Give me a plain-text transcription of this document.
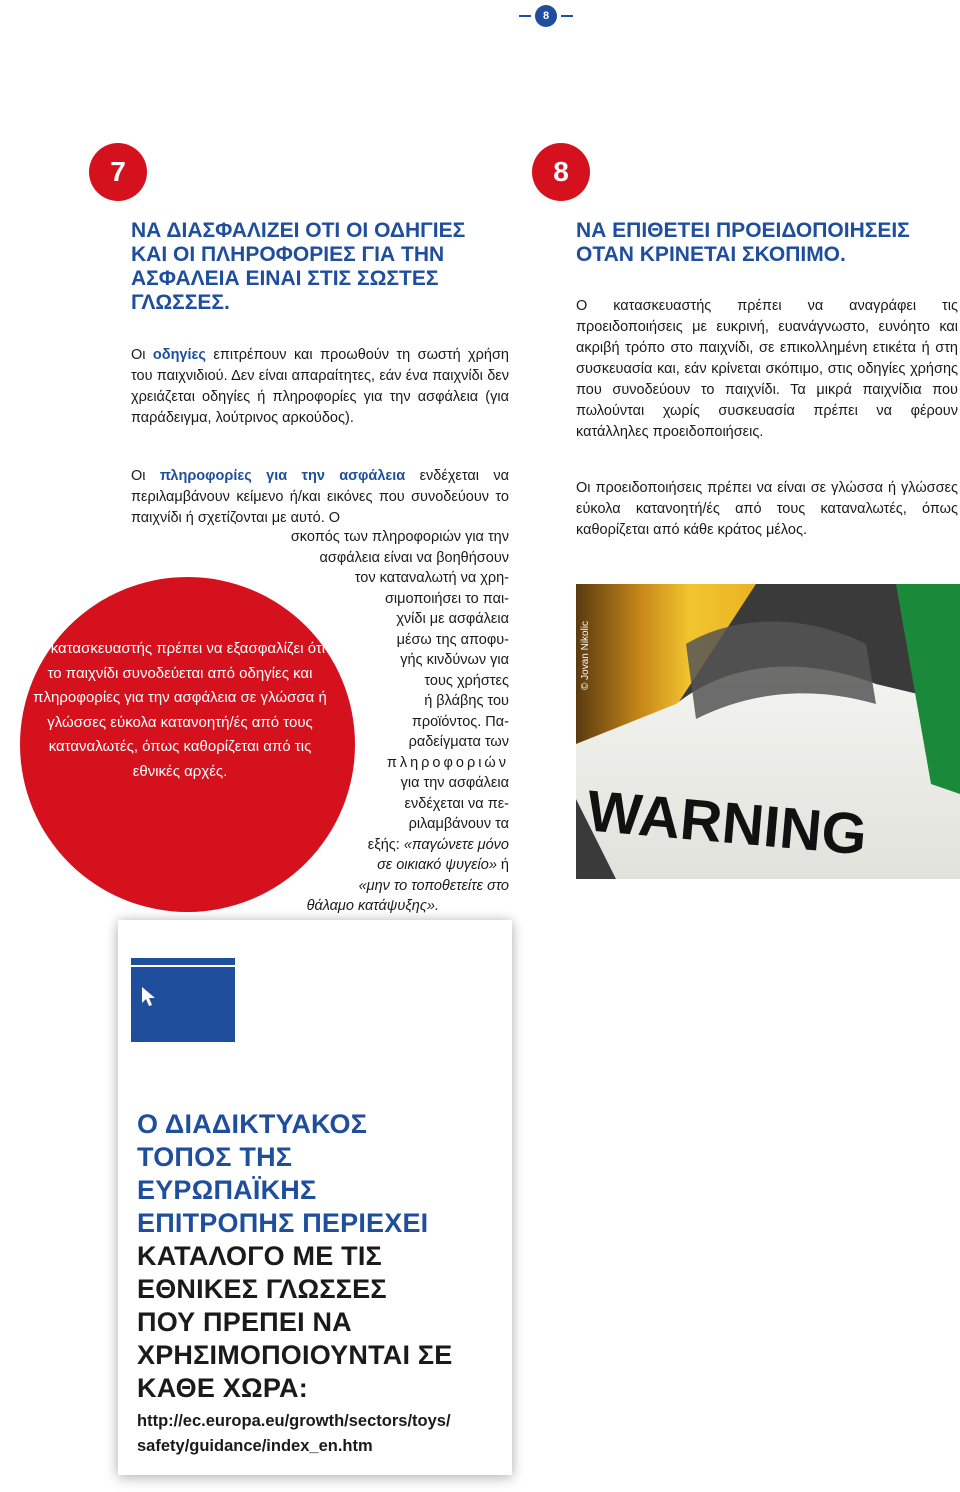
8
7
ΝΑ ΔΙΑΣΦΑΛΙΖΕΙ ΟΤΙ ΟΙ ΟΔΗΓΙΕΣ ΚΑΙ ΟΙ ΠΛΗΡΟΦΟΡΙΕΣ ΓΙΑ ΤΗΝ ΑΣΦΑΛΕΙΑ ΕΙΝΑΙ ΣΤΙΣ ΣΩΣΤΕΣ ΓΛΩΣΣΕΣ.
Οι οδηγίες επιτρέπουν και προωθούν τη σωστή χρήση του παιχνιδιού. Δεν είναι απαραίτητες, εάν ένα παιχνίδι δεν χρειάζεται οδηγίες ή πληροφορίες για την ασφάλεια (για παράδειγμα, λούτρινος αρκούδος).
Οι πληροφορίες για την ασφάλεια ενδέχεται να περιλαμβάνουν κείμενο ή/και εικόνες που συνοδεύουν το παιχνίδι ή σχετίζονται με αυτό. Ο
σκοπός των πληροφοριών για την
ασφάλεια είναι να βοηθήσουν
τον καταναλωτή να χρη-
σιμοποιήσει το παι-
χνίδι με ασφάλεια
μέσω της αποφυ-
γής κινδύνων για
τους χρήστες
ή βλάβης του
προϊόντος. Πα-
ραδείγματα των
πληροφοριών
για την ασφάλεια
ενδέχεται να πε-
ριλαμβάνουν τα
εξής: «παγώνετε μόνο
σε οικιακό ψυγείο» ή
«μην το τοποθετείτε στο
θάλαμο κατάψυξης».
Ο κατασκευαστής πρέπει να εξασφαλίζει ότι το παιχνίδι συνοδεύεται από οδηγίες και πληροφορίες για την ασφάλεια σε γλώσσα ή γλώσσες εύκολα κατανοητή/ές από τους καταναλωτές, όπως καθορίζεται από τις εθνικές αρχές.
8
ΝΑ ΕΠΙΘΕΤΕΙ ΠΡΟΕΙΔΟΠΟΙΗΣΕΙΣ ΟΤΑΝ ΚΡΙΝΕΤΑΙ ΣΚΟΠΙΜΟ.
Ο κατασκευαστής πρέπει να αναγράφει τις προειδοποιήσεις με ευκρινή, ευανάγνωστο, ευνόητο και ακριβή τρόπο στο παιχνίδι, σε επικολλημένη ετικέτα ή στη συσκευασία και, εάν κρίνεται σκόπιμο, στις οδηγίες χρήσης που συνοδεύουν το παιχνίδι. Τα μικρά παιχνίδια που πωλούνται χωρίς συσκευασία πρέπει να φέρουν κατάλληλες προειδοποιήσεις.
Οι προειδοποιήσεις πρέπει να είναι σε γλώσσα ή γλώσσες εύκολα κατανοητή/ές από τους καταναλωτές, όπως καθορίζεται από κάθε κράτος μέλος.
WARNING
© Jovan Nikolic
Ο ΔΙΑΔΙΚΤΥΑΚΟΣ
ΤΟΠΟΣ ΤΗΣ
ΕΥΡΩΠΑΪΚΗΣ
ΕΠΙΤΡΟΠΗΣ ΠΕΡΙΕΧΕΙ
ΚΑΤΑΛΟΓΟ ΜΕ ΤΙΣ
ΕΘΝΙΚΕΣ ΓΛΩΣΣΕΣ
ΠΟΥ ΠΡΕΠΕΙ ΝΑ
ΧΡΗΣΙΜΟΠΟΙΟΥΝΤΑΙ ΣΕ
ΚΑΘΕ ΧΩΡΑ:
http://ec.europa.eu/growth/sectors/toys/
safety/guidance/index_en.htm
